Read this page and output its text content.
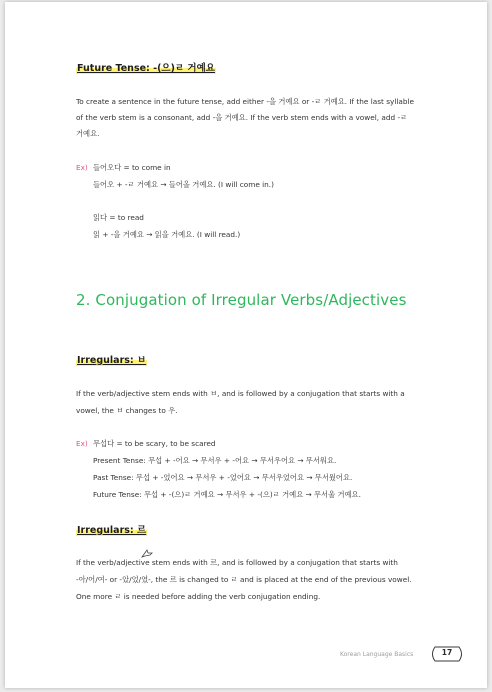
Future Tense: -(으)ㄹ 거예요
To create a sentence in the future tense, add either -을 거예요 or -ㄹ 거예요. If the last syllable
of the verb stem is a consonant, add -을 거예요. If the verb stem ends with a vowel, add -ㄹ
거예요.
Ex) 들어오다 = to come in
들어오 + -ㄹ 거예요 → 들어올 거예요. (I will come in.)
읽다 = to read
읽 + -을 거예요 → 읽을 거예요. (I will read.)
2. Conjugation of Irregular Verbs/Adjectives
Irregulars: ㅂ
If the verb/adjective stem ends with ㅂ, and is followed by a conjugation that starts with a
vowel, the ㅂ changes to 우.
Ex) 무섭다 = to be scary, to be scared
Present Tense: 무섭 + -어요 → 무서우 + -어요 → 무서우어요 → 무서워요.
Past Tense: 무섭 + -었어요 → 무서우 + -었어요 → 무서우었어요 → 무서웠어요.
Future Tense: 무섭 + -(으)ㄹ 거예요 → 무서우 + -(으)ㄹ 거예요 → 무서울 거예요.
Irregulars: 르
If the verb/adjective stem ends with 르, and is followed by a conjugation that starts with
-아/어/여- or -았/었/였-, the 르 is changed to ㄹ and is placed at the end of the previous vowel.
One more ㄹ is needed before adding the verb conjugation ending.
Korean Language Basics	17
